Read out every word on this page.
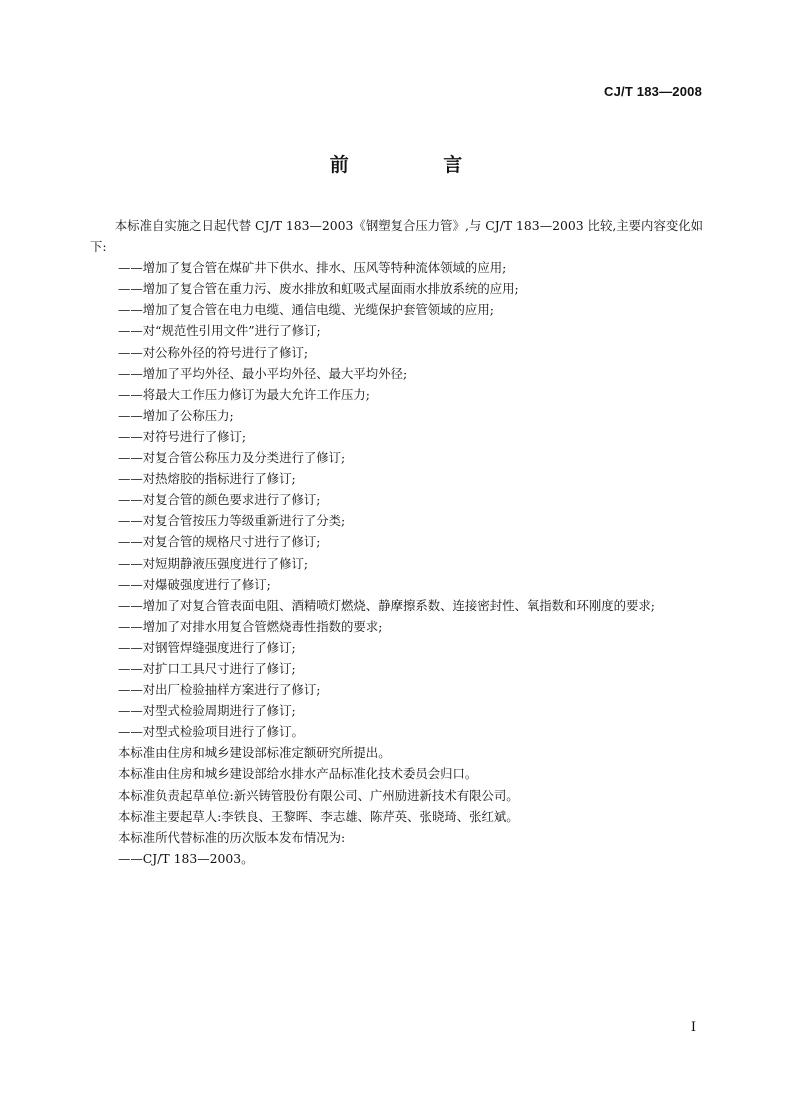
CJ/T 183—2008
前 言

本标准自实施之日起代替 CJ/T 183—2003《钢塑复合压力管》,与 CJ/T 183—2003 比较,主要内容变化如下:

——增加了复合管在煤矿井下供水、排水、压风等特种流体领域的应用;

——增加了复合管在重力污、废水排放和虹吸式屋面雨水排放系统的应用;

——增加了复合管在电力电缆、通信电缆、光缆保护套管领域的应用;

——对“规范性引用文件”进行了修订;

——对公称外径的符号进行了修订;

——增加了平均外径、最小平均外径、最大平均外径;

——将最大工作压力修订为最大允许工作压力;

——增加了公称压力;

——对符号进行了修订;

——对复合管公称压力及分类进行了修订;

——对热熔胶的指标进行了修订;

——对复合管的颜色要求进行了修订;

——对复合管按压力等级重新进行了分类;

——对复合管的规格尺寸进行了修订;

——对短期静液压强度进行了修订;

——对爆破强度进行了修订;

——增加了对复合管表面电阻、酒精喷灯燃烧、静摩擦系数、连接密封性、氧指数和环刚度的要求;

——增加了对排水用复合管燃烧毒性指数的要求;

——对钢管焊缝强度进行了修订;

——对扩口工具尺寸进行了修订;

——对出厂检验抽样方案进行了修订;

——对型式检验周期进行了修订;

——对型式检验项目进行了修订。

本标准由住房和城乡建设部标准定额研究所提出。

本标准由住房和城乡建设部给水排水产品标准化技术委员会归口。

本标准负责起草单位:新兴铸管股份有限公司、广州励进新技术有限公司。

本标准主要起草人:李铁良、王黎晖、李志雄、陈芹英、张晓琦、张红斌。

本标准所代替标准的历次版本发布情况为:

——CJ/T 183—2003。

I
